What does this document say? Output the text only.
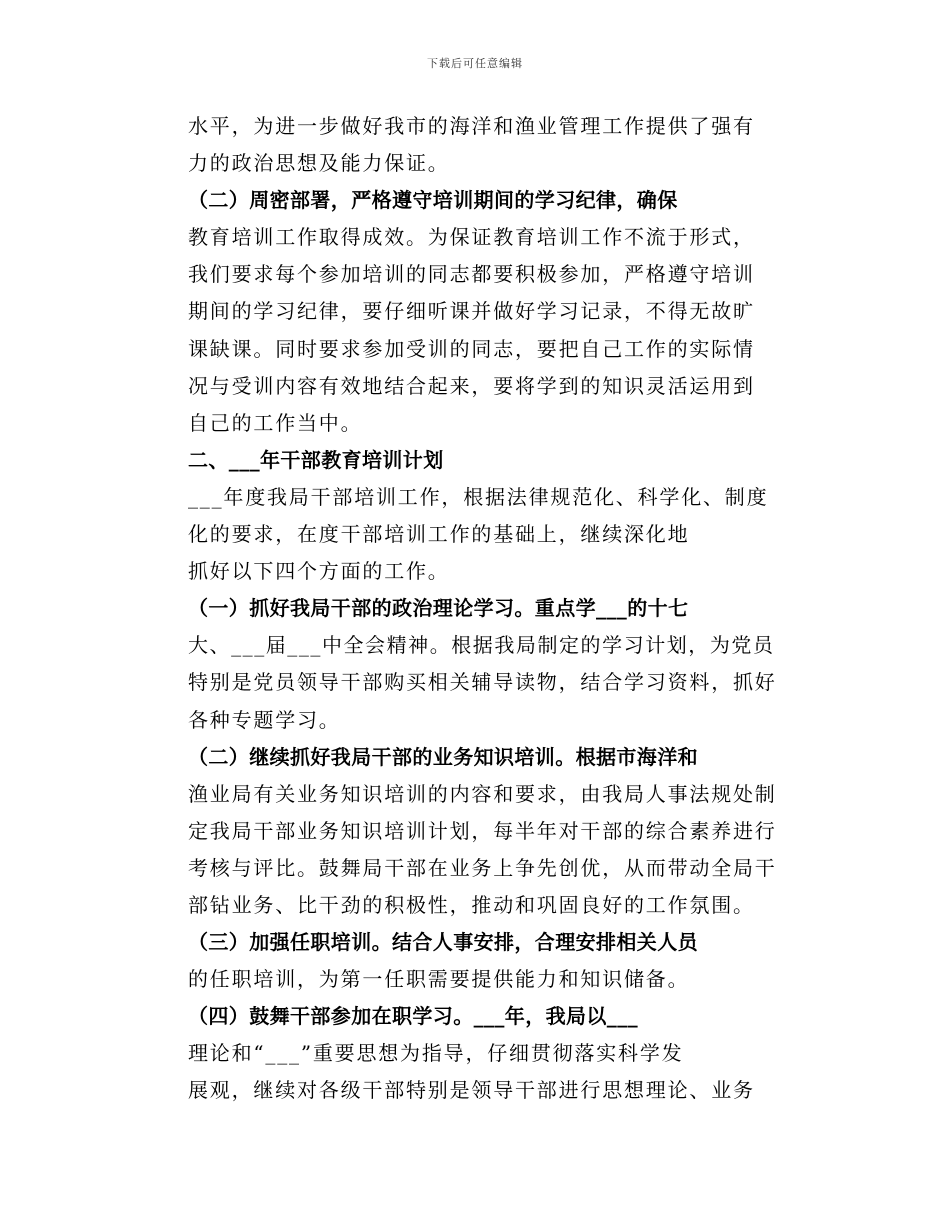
下载后可任意编辑
水平，为进一步做好我市的海洋和渔业管理工作提供了强有
力的政治思想及能力保证。
（二）周密部署，严格遵守培训期间的学习纪律，确保
教育培训工作取得成效。为保证教育培训工作不流于形式，
我们要求每个参加培训的同志都要积极参加，严格遵守培训
期间的学习纪律，要仔细听课并做好学习记录，不得无故旷
课缺课。同时要求参加受训的同志，要把自己工作的实际情
况与受训内容有效地结合起来，要将学到的知识灵活运用到
自己的工作当中。
二、___年干部教育培训计划
___年度我局干部培训工作，根据法律规范化、科学化、制度
化的要求，在度干部培训工作的基础上，继续深化地
抓好以下四个方面的工作。
（一）抓好我局干部的政治理论学习。重点学___的十七
大、___届___中全会精神。根据我局制定的学习计划，为党员
特别是党员领导干部购买相关辅导读物，结合学习资料，抓好
各种专题学习。
（二）继续抓好我局干部的业务知识培训。根据市海洋和
渔业局有关业务知识培训的内容和要求，由我局人事法规处制
定我局干部业务知识培训计划，每半年对干部的综合素养进行
考核与评比。鼓舞局干部在业务上争先创优，从而带动全局干
部钻业务、比干劲的积极性，推动和巩固良好的工作氛围。
（三）加强任职培训。结合人事安排，合理安排相关人员
的任职培训，为第一任职需要提供能力和知识储备。
（四）鼓舞干部参加在职学习。___年，我局以___
理论和“___”重要思想为指导，仔细贯彻落实科学发
展观，继续对各级干部特别是领导干部进行思想理论、业务
